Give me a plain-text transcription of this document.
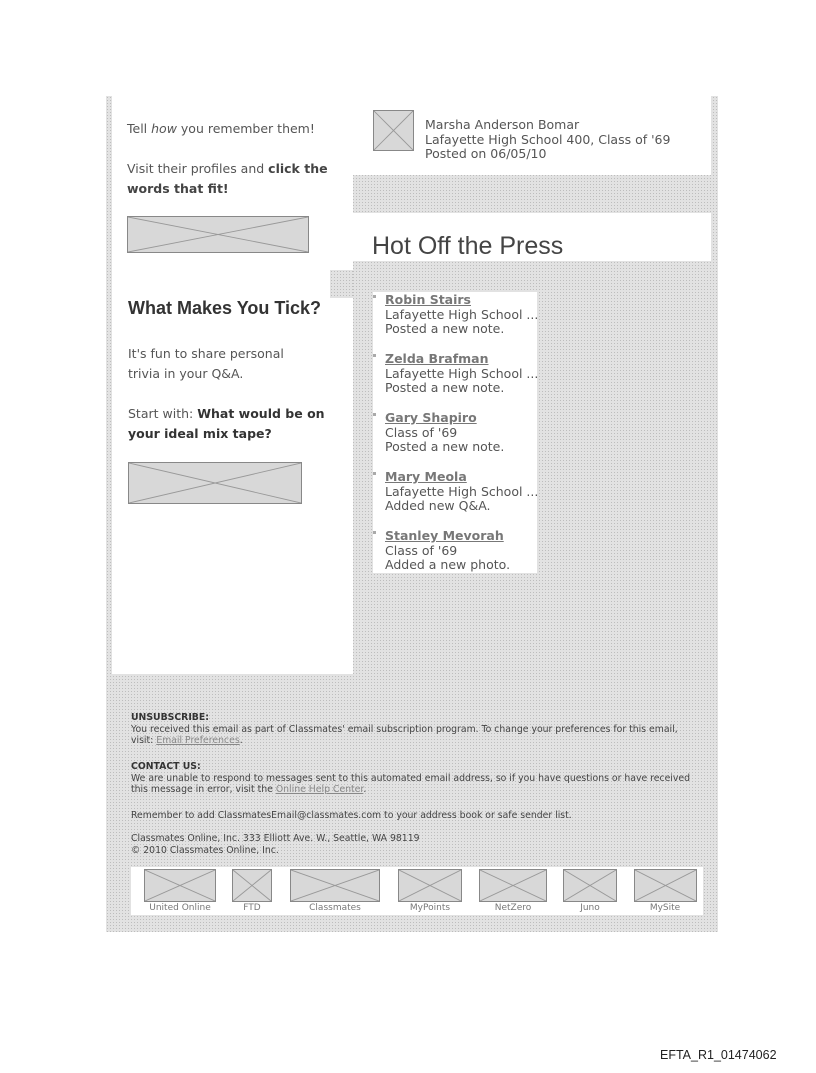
Tell how you remember them!
Visit their profiles and click the words that fit!
What Makes You Tick?
It's fun to share personal trivia in your Q&A.
Start with: What would be on your ideal mix tape?
Marsha Anderson Bomar
Lafayette High School 400, Class of '69
Posted on 06/05/10
Hot Off the Press
Robin Stairs
Lafayette High School ...
Posted a new note.
Zelda Brafman
Lafayette High School ...
Posted a new note.
Gary Shapiro
Class of '69
Posted a new note.
Mary Meola
Lafayette High School ...
Added new Q&A.
Stanley Mevorah
Class of '69
Added a new photo.
UNSUBSCRIBE:
You received this email as part of Classmates' email subscription program. To change your preferences for this email, visit: Email Preferences.
CONTACT US:
We are unable to respond to messages sent to this automated email address, so if you have questions or have received this message in error, visit the Online Help Center.
Remember to add ClassmatesEmail@classmates.com to your address book or safe sender list.
Classmates Online, Inc. 333 Elliott Ave. W., Seattle, WA 98119
© 2010 Classmates Online, Inc.
United Online	FTD	Classmates	MyPoints	NetZero	Juno	MySite
EFTA_R1_01474062
